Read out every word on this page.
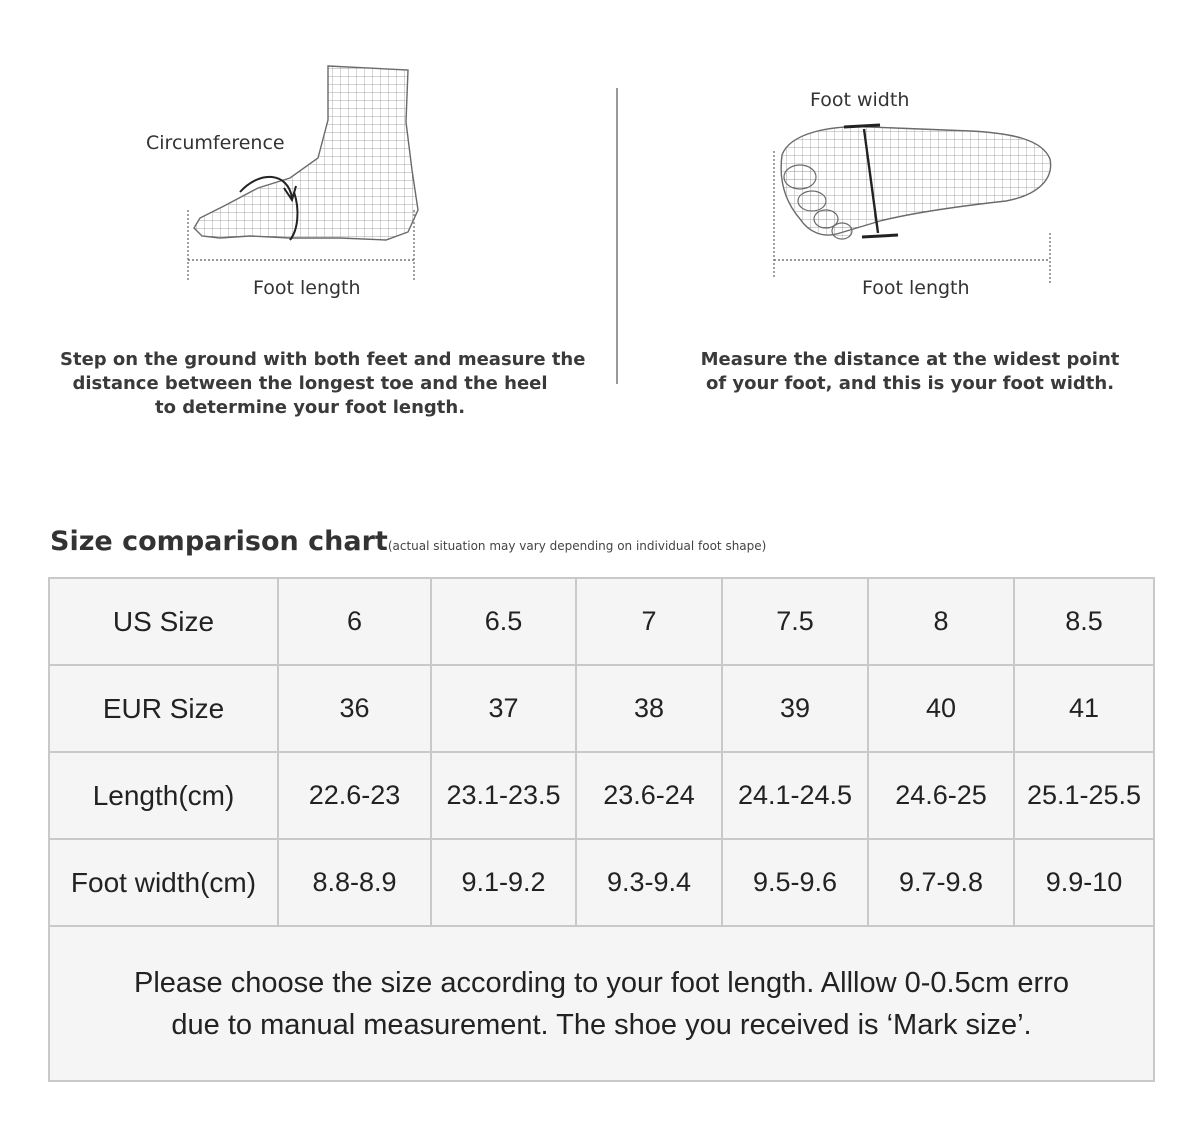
Circumference
Foot length
Step on the ground with both feet and measure the
distance between the longest toe and the heel
to determine your foot length.
Foot width
Foot length
Measure the distance at the widest point
of your foot, and this is your foot width.
Size comparison chart(actual situation may vary depending on individual foot shape)
US Size	6	6.5	7	7.5	8	8.5
EUR Size	36	37	38	39	40	41
Length(cm)	22.6-23	23.1-23.5	23.6-24	24.1-24.5	24.6-25	25.1-25.5
Foot width(cm)	8.8-8.9	9.1-9.2	9.3-9.4	9.5-9.6	9.7-9.8	9.9-10

Please choose the size according to your foot length. Alllow 0-0.5cm erro
due to manual measurement. The shoe you received is ‘Mark size’.						
